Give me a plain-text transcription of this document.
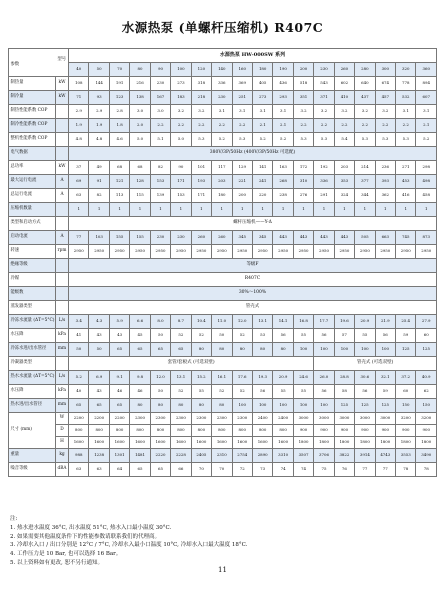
水源热泵 (单螺杆压缩机) R407C
型号

参数		水源热泵 HW-000SW 系列																	
		40	50	70	80	90	100	120	140	160	180	190	200	230	260	280	300	320	360
制热量	kW	108	144	191	216	230	273	318	336	369	405	436	518	543	602	640	674	778	894
制冷量	kW	71	93	123	138	167	183	218	230	251	273	293	351	371	410	437	457	532	607
制热性能系数 COP		2.9	2.9	2.8	3.0	3.0	3.2	3.2	3.1	3.1	3.1	3.1	3.2	3.2	3.2	3.2	3.2	3.1	3.1
制冷性能系数 COP		1.9	1.9	1.8	2.0	2.2	2.2	2.2	2.2	2.2	2.1	2.1	2.2	2.2	2.2	2.2	2.2	2.2	2.1
整机性能系数 COP		4.8	4.8	4.6	5.0	5.1	5.0	5.3	5.2	5.3	5.2	5.2	5.3	5.3	5.4	5.3	5.3	5.3	5.2
电气数据		380V/3P/50Hz (400V/3P/50Hz 可选配)																	
总功率	kW	37	49	68	68	82	90	101	117	129	141	163	172	192	203	214	236	271	298
最大运行电流	A	69	91	121	128	153	171	193	203	221	241	268	310	336	353	377	393	453	498
总运行电流	A	63	82	113	115	139	153	171	180	200	220	238	276	291	324	344	362	416	458
压缩机数量		1	1	1	1	1	1	1	1	1	1	1	1	1	1	1	1	1	1
类型和启动方式		螺杆压缩机——Y-Δ																	
启动电流	A	77	103	155	155	230	230	260	260	345	345	443	443	443	443	505	663	745	873
转速	rpm	2950	2950	2950	2950	2950	2950	2950	2950	2950	2950	2950	2950	2950	2950	2950	2950	2950	2950
绝缘等级		等级F																	
冷媒		R407C																	
能级数		30%～100%																	
蒸发器类型		管壳式																	
冷冻水流量 (ΔT=5°C)	L/s	3.4	4.3	5.9	6.6	8.0	8.7	10.4	11.0	12.0	13.1	14.1	16.8	17.7	19.6	20.9	21.9	25.4	27.9
水压降	kPa	41	43	43	45	50	52	52	50	52	53	56	55	56	57	55	56	59	60
冷冻水进/出水管径	mm	50	50	65	65	65	65	80	80	80	80	80	100	100	100	100	100	125	125
冷凝器类型		套管/套板式 (可选双壁)												管壳式 (可选双壁)					
热水水流量 (ΔT=5°C)	L/s	5.2	6.9	9.1	9.8	12.0	13.1	15.2	16.1	17.6	19.3	20.9	24.6	26.0	28.8	30.6	32.1	37.2	40.9
水压降	kPa	40	43	46	46	50	52	55	52	52	56	55	55	56	58	56	59	60	62
热水进/出水管径	mm	65	65	65	80	80	80	80	80	100	100	100	100	100	125	125	125	150	150
尺寸 (mm)	W	2200	2200	2200	2300	2300	2300	2300	2300	2300	2400	2400	3000	3000	3000	3000	3000	3200	3200
	D	800	800	800	800	800	800	800	800	800	800	800	900	900	900	900	900	900	900
	H	1600	1600	1600	1600	1600	1600	1600	1600	1600	1600	1600	1800	1800	1800	1800	1800	1800	1800
重量	kg	988	1238	1301	1481	2220	2228	2405	2310	2754	2890	3310	3507	3706	3822	3914	4743	3553	3490
噪音等级	dBA	63	63	64	65	65	66	70	70	72	73	74	74	75	76	77	77	78	78
注:
1. 热水进水温度 36°C, 出水温度 51°C, 热水入口最小温度 30°C.
2. 如果需要其他温度条件下的性能参数请联系我们的代理商。
3. 冷却水入口 / 出口分别是 12°C / 7°C, 冷却水入最小口温度 10°C, 冷却水入口最大温度 18°C.
4. 工作压力是 10 Bar, 也可以选择 16 Bar。
5. 以上资料如有更改, 恕不另行通知。
11
